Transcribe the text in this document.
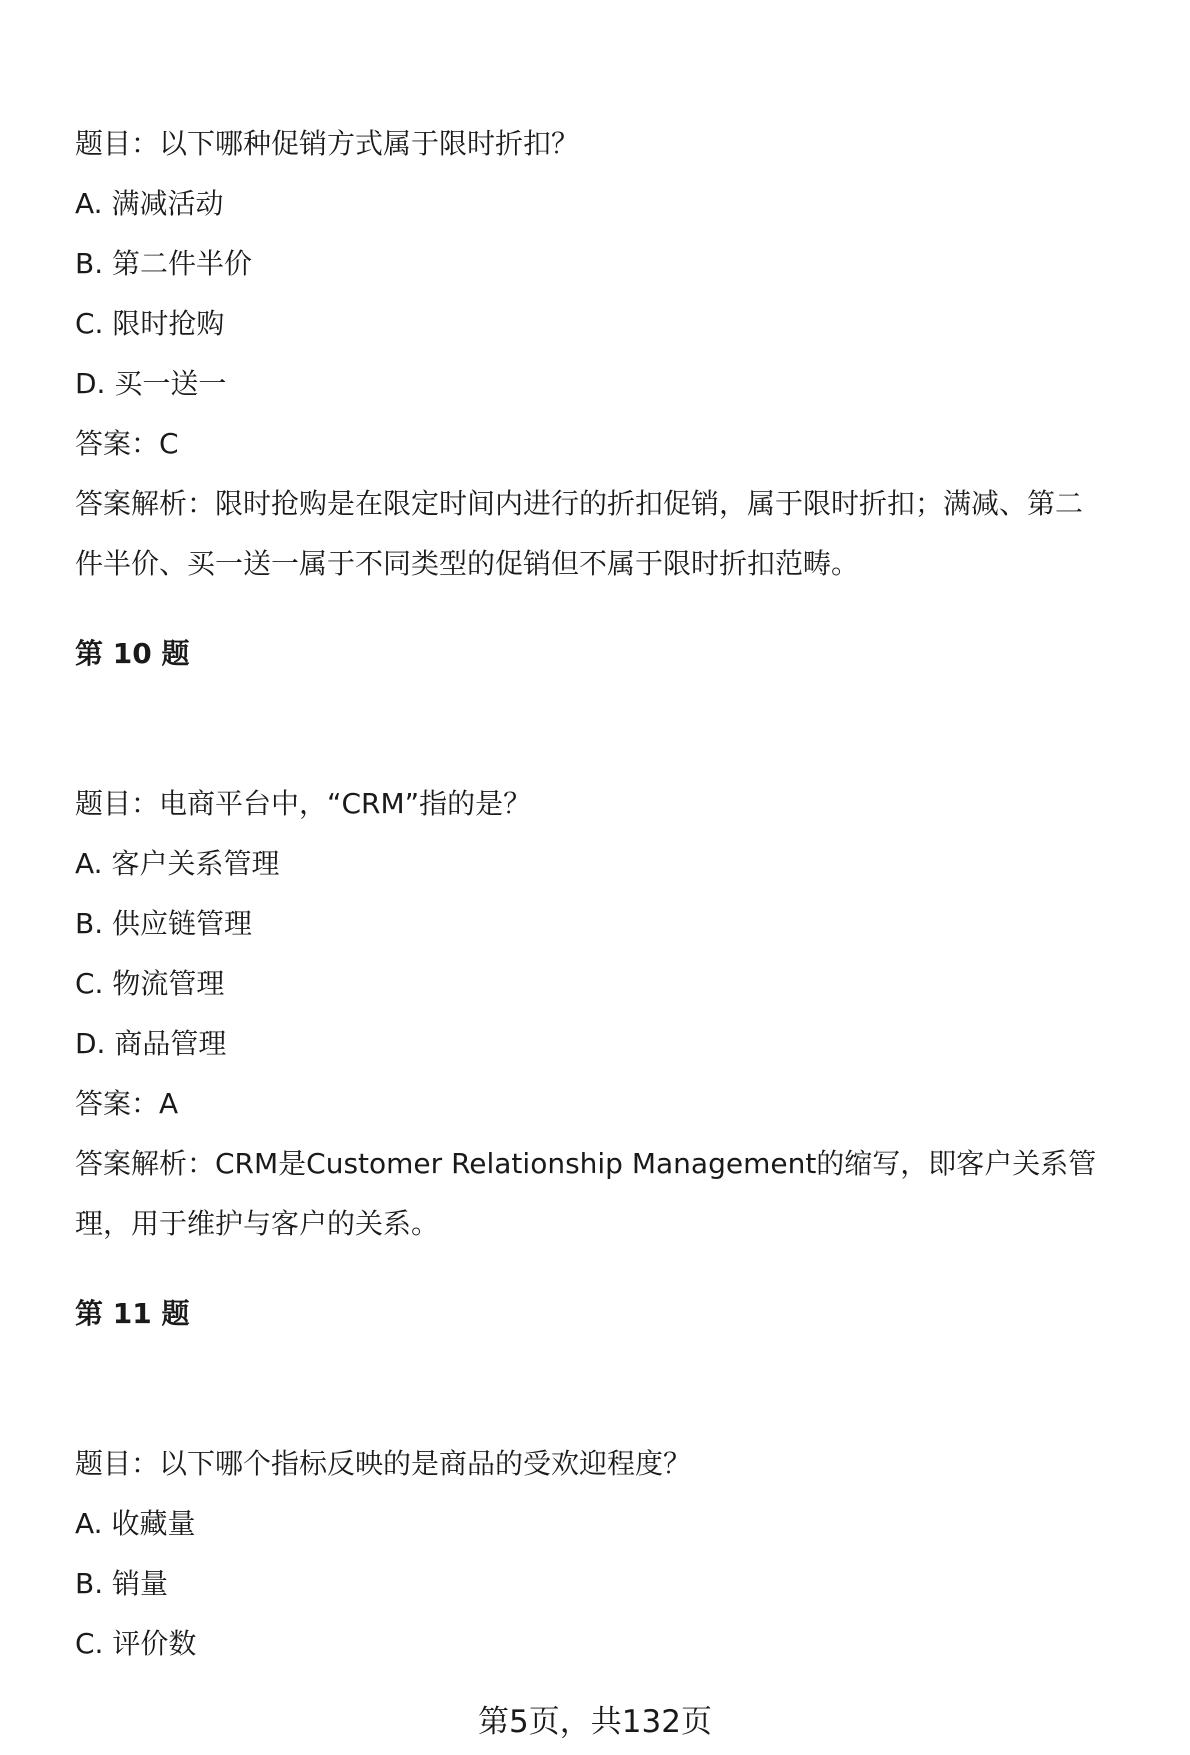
题目：以下哪种促销方式属于限时折扣？
A. 满减活动
B. 第二件半价
C. 限时抢购
D. 买一送一
答案：C
答案解析：限时抢购是在限定时间内进行的折扣促销，属于限时折扣；满减、第二
件半价、买一送一属于不同类型的促销但不属于限时折扣范畴。
第 10 题
题目：电商平台中，“CRM”指的是？
A. 客户关系管理
B. 供应链管理
C. 物流管理
D. 商品管理
答案：A
答案解析：CRM是Customer Relationship Management的缩写，即客户关系管
理，用于维护与客户的关系。
第 11 题
题目：以下哪个指标反映的是商品的受欢迎程度？
A. 收藏量
B. 销量
C. 评价数
第5页，共132页
